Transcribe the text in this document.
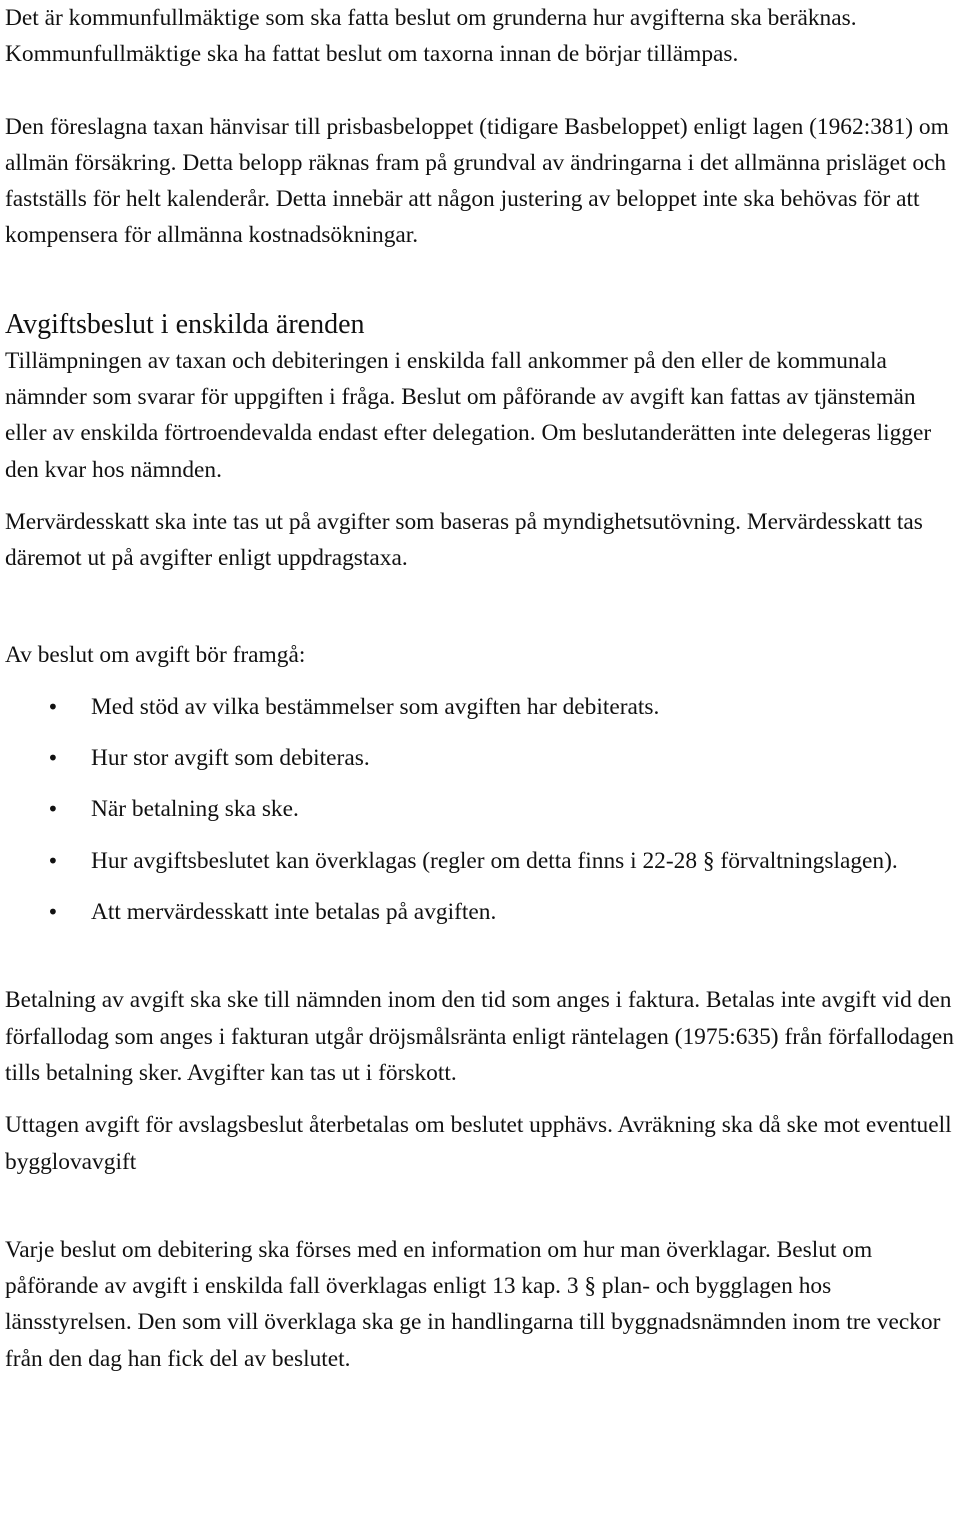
Det är kommunfullmäktige som ska fatta beslut om grunderna hur avgifterna ska beräknas. Kommunfullmäktige ska ha fattat beslut om taxorna innan de börjar tillämpas.

Den föreslagna taxan hänvisar till prisbasbeloppet (tidigare Basbeloppet) enligt lagen (1962:381) om allmän försäkring. Detta belopp räknas fram på grundval av ändringarna i det allmänna prisläget och fastställs för helt kalenderår. Detta innebär att någon justering av beloppet inte ska behövas för att kompensera för allmänna kostnadsökningar.

Avgiftsbeslut i enskilda ärenden

Tillämpningen av taxan och debiteringen i enskilda fall ankommer på den eller de kommunala nämnder som svarar för uppgiften i fråga. Beslut om påförande av avgift kan fattas av tjänstemän eller av enskilda förtroendevalda endast efter delegation. Om beslutanderätten inte delegeras ligger den kvar hos nämnden.

Mervärdesskatt ska inte tas ut på avgifter som baseras på myndighetsutövning. Mervärdesskatt tas däremot ut på avgifter enligt uppdragstaxa.

Av beslut om avgift bör framgå:

• Med stöd av vilka bestämmelser som avgiften har debiterats.
• Hur stor avgift som debiteras.
• När betalning ska ske.
• Hur avgiftsbeslutet kan överklagas (regler om detta finns i 22-28 § förvaltningslagen).
• Att mervärdesskatt inte betalas på avgiften.

Betalning av avgift ska ske till nämnden inom den tid som anges i faktura. Betalas inte avgift vid den förfallodag som anges i fakturan utgår dröjsmålsränta enligt räntelagen (1975:635) från förfallodagen tills betalning sker. Avgifter kan tas ut i förskott.

Uttagen avgift för avslagsbeslut återbetalas om beslutet upphävs. Avräkning ska då ske mot eventuell bygglovavgift

Varje beslut om debitering ska förses med en information om hur man överklagar. Beslut om påförande av avgift i enskilda fall överklagas enligt 13 kap. 3 § plan- och bygglagen hos länsstyrelsen. Den som vill överklaga ska ge in handlingarna till byggnadsnämnden inom tre veckor från den dag han fick del av beslutet.
